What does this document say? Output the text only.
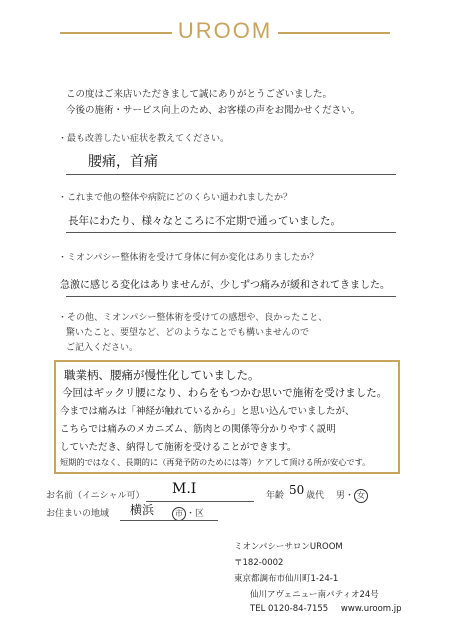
UROOM
この度はご来店いただきまして誠にありがとうございました。
今後の施術・サービス向上のため、お客様の声をお聞かせください。
・最も改善したい症状を教えてください。
腰痛，首痛
・これまで他の整体や病院にどのくらい通われましたか？
長年にわたり、様々なところに不定期で通っていました。
・ミオンパシー整体術を受けて身体に何か変化はありましたか？
急激に感じる変化はありませんが、少しずつ痛みが緩和されてきました。
・その他、ミオンパシー整体術を受けての感想や、良かったこと、
驚いたこと、要望など、どのようなことでも構いませんので
ご記入ください。
職業柄、腰痛が慢性化していました。
今回はギックリ腰になり、わらをもつかむ思いで施術を受けました。
今までは痛みは「神経が触れているから」と思い込んでいましたが、
こちらでは痛みのメカニズム、筋肉との関係等分かりやすく説明
していただき、納得して施術を受けることができます。
短期的ではなく、長期的に（再発予防のためには等）ケアして頂ける所が安心です。
お名前（イニシャル可） M.I	年齢 50 歳代 男・ 女
お住まいの地域 横浜	市 ・区
ミオンパシーサロンUROOM
〒182-0002
東京都調布市仙川町1-24-1
仙川アヴェニュー南パティオ24号
TEL 0120-84-7155 www.uroom.jp
